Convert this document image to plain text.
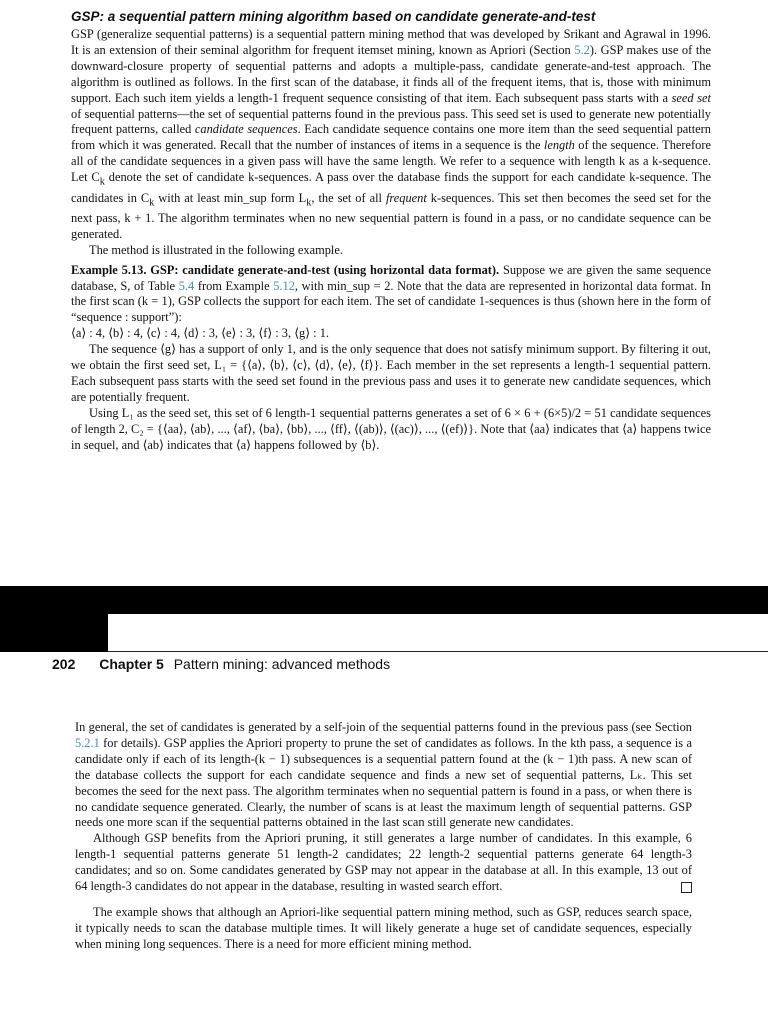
GSP: a sequential pattern mining algorithm based on candidate generate-and-test

GSP (generalize sequential patterns) is a sequential pattern mining method that was developed by Srikant and Agrawal in 1996. It is an extension of their seminal algorithm for frequent itemset mining, known as Apriori (Section 5.2). GSP makes use of the downward-closure property of sequential patterns and adopts a multiple-pass, candidate generate-and-test approach. The algorithm is outlined as follows. In the first scan of the database, it finds all of the frequent items, that is, those with minimum support. Each such item yields a length-1 frequent sequence consisting of that item. Each subsequent pass starts with a seed set of sequential patterns—the set of sequential patterns found in the previous pass. This seed set is used to generate new potentially frequent patterns, called candidate sequences. Each candidate sequence contains one more item than the seed sequential pattern from which it was generated. Recall that the number of instances of items in a sequence is the length of the sequence. Therefore all of the candidate sequences in a given pass will have the same length. We refer to a sequence with length k as a k-sequence. Let $C_k$ denote the set of candidate k-sequences. A pass over the database finds the support for each candidate k-sequence. The candidates in $C_k$ with at least min_sup form $L_k$, the set of all frequent k-sequences. This set then becomes the seed set for the next pass, k + 1. The algorithm terminates when no new sequential pattern is found in a pass, or no candidate sequence can be generated.

The method is illustrated in the following example.

Example 5.13. GSP: candidate generate-and-test (using horizontal data format). Suppose we are given the same sequence database, S, of Table 5.4 from Example 5.12, with min_sup = 2. Note that the data are represented in horizontal data format. In the first scan (k = 1), GSP collects the support for each item. The set of candidate 1-sequences is thus (shown here in the form of “sequence : support”):

⟨a⟩ : 4, ⟨b⟩ : 4, ⟨c⟩ : 4, ⟨d⟩ : 3, ⟨e⟩ : 3, ⟨f⟩ : 3, ⟨g⟩ : 1.

The sequence ⟨g⟩ has a support of only 1, and is the only sequence that does not satisfy minimum support. By filtering it out, we obtain the first seed set, L₁ = {⟨a⟩, ⟨b⟩, ⟨c⟩, ⟨d⟩, ⟨e⟩, ⟨f⟩}. Each member in the set represents a length-1 sequential pattern. Each subsequent pass starts with the seed set found in the previous pass and uses it to generate new candidate sequences, which are potentially frequent.

Using L₁ as the seed set, this set of 6 length-1 sequential patterns generates a set of 6 × 6 + (6×5)/2 = 51 candidate sequences of length 2, C₂ = {⟨aa⟩, ⟨ab⟩, ..., ⟨af⟩, ⟨ba⟩, ⟨bb⟩, ..., ⟨ff⟩, ⟨(ab)⟩, ⟨(ac)⟩, ..., ⟨(ef)⟩}. Note that ⟨aa⟩ indicates that ⟨a⟩ happens twice in sequel, and ⟨ab⟩ indicates that ⟨a⟩ happens followed by ⟨b⟩.

202 Chapter 5 Pattern mining: advanced methods

In general, the set of candidates is generated by a self-join of the sequential patterns found in the previous pass (see Section 5.2.1 for details). GSP applies the Apriori property to prune the set of candidates as follows. In the kth pass, a sequence is a candidate only if each of its length-(k − 1) subsequences is a sequential pattern found at the (k − 1)th pass. A new scan of the database collects the support for each candidate sequence and finds a new set of sequential patterns, Lₖ. This set becomes the seed for the next pass. The algorithm terminates when no sequential pattern is found in a pass, or when there is no candidate sequence generated. Clearly, the number of scans is at least the maximum length of sequential patterns. GSP needs one more scan if the sequential patterns obtained in the last scan still generate new candidates.

Although GSP benefits from the Apriori pruning, it still generates a large number of candidates. In this example, 6 length-1 sequential patterns generate 51 length-2 candidates; 22 length-2 sequential patterns generate 64 length-3 candidates; and so on. Some candidates generated by GSP may not appear in the database at all. In this example, 13 out of 64 length-3 candidates do not appear in the database, resulting in wasted search effort.

The example shows that although an Apriori-like sequential pattern mining method, such as GSP, reduces search space, it typically needs to scan the database multiple times. It will likely generate a huge set of candidate sequences, especially when mining long sequences. There is a need for more efficient mining method.
